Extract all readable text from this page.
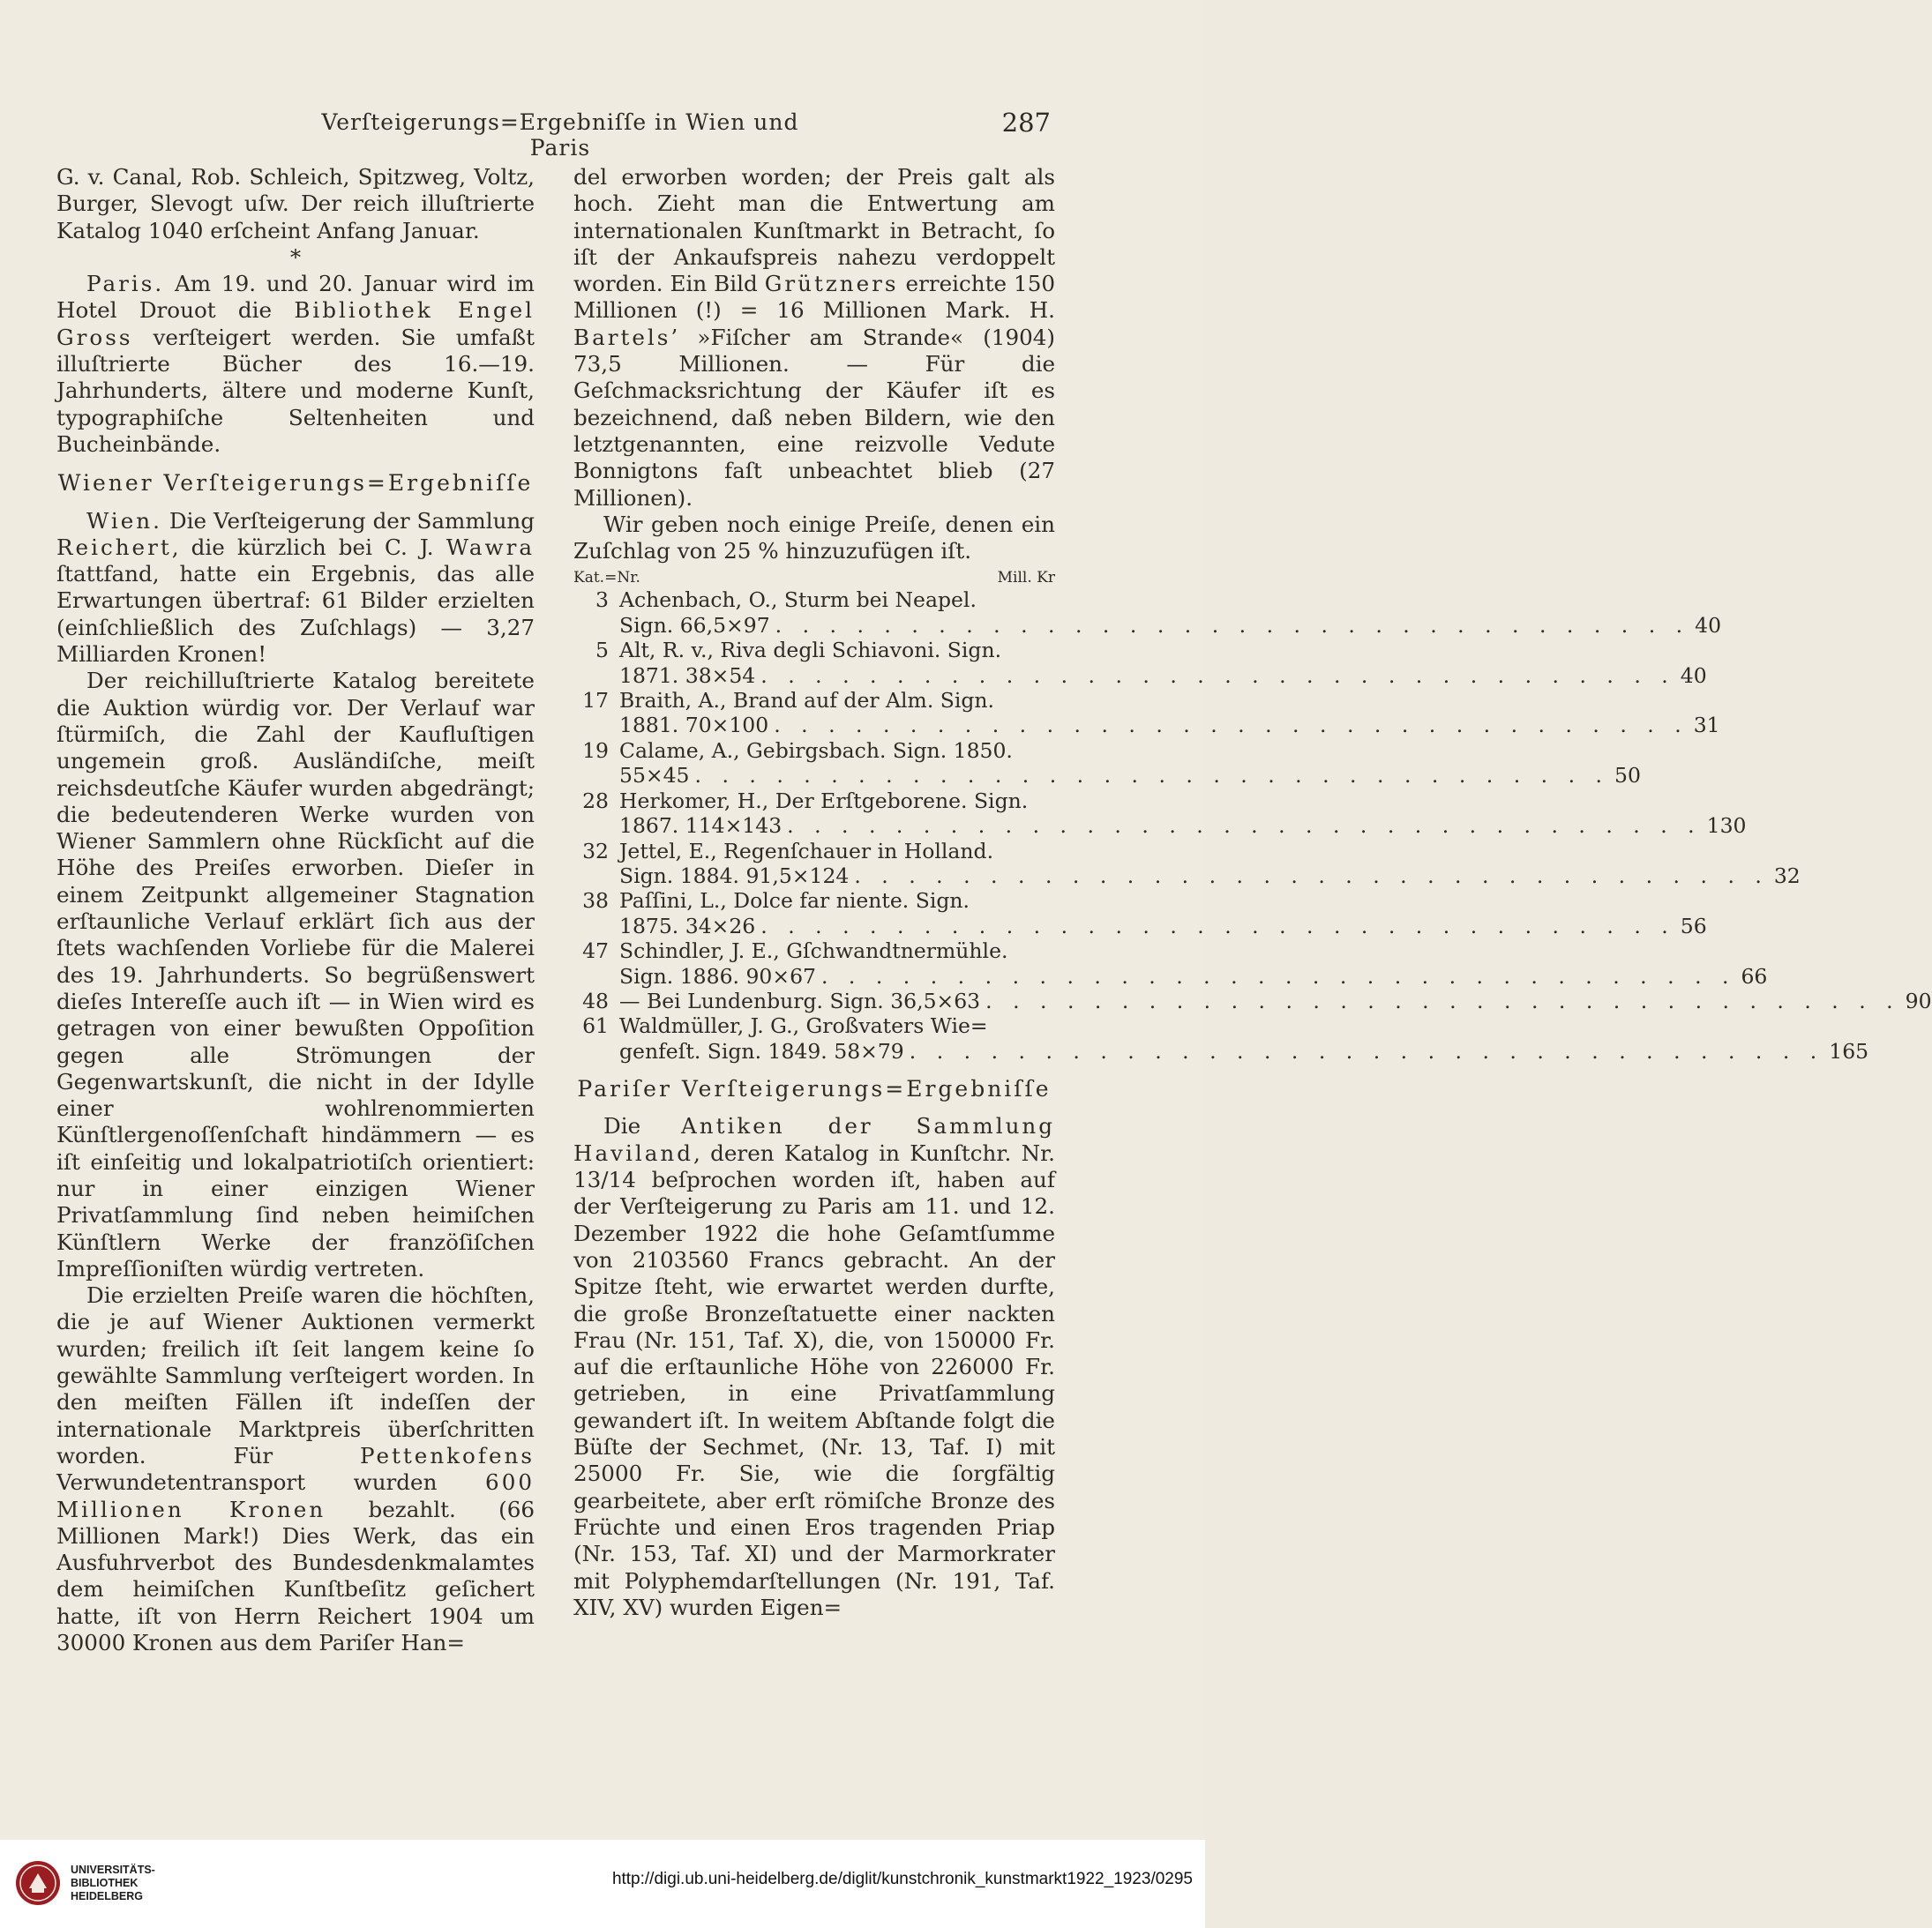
Verſteigerungs=Ergebniſſe in Wien und Paris
287

G. v. Canal, Rob. Schleich, Spitzweg, Voltz, Burger, Slevogt uſw. Der reich illuſtrierte Katalog 1040 erſcheint Anfang Januar.

*

Paris. Am 19. und 20. Januar wird im Hotel Drouot die Bibliothek Engel Gross verſteigert werden. Sie umfaßt illuſtrierte Bücher des 16.—19. Jahrhunderts, ältere und moderne Kunſt, typographiſche Seltenheiten und Bucheinbände.

Wiener Verſteigerungs=Ergebniſſe

Wien. Die Verſteigerung der Sammlung Reichert, die kürzlich bei C. J. Wawra ſtattfand, hatte ein Ergebnis, das alle Erwartungen übertraf: 61 Bilder erzielten (einſchließlich des Zuſchlags) — 3,27 Milliarden Kronen!

Der reichilluſtrierte Katalog bereitete die Auktion würdig vor. Der Verlauf war ſtürmiſch, die Zahl der Kaufluſtigen ungemein groß. Ausländiſche, meiſt reichsdeutſche Käufer wurden abgedrängt; die bedeutenderen Werke wurden von Wiener Sammlern ohne Rückſicht auf die Höhe des Preiſes erworben. Dieſer in einem Zeitpunkt allgemeiner Stagnation erſtaunliche Verlauf erklärt ſich aus der ſtets wachſenden Vorliebe für die Malerei des 19. Jahrhunderts. So begrüßenswert dieſes Intereſſe auch iſt — in Wien wird es getragen von einer bewußten Oppoſition gegen alle Strömungen der Gegenwartskunſt, die nicht in der Idylle einer wohlrenommierten Künſtlergenoſſenſchaft hindämmern — es iſt einſeitig und lokalpatriotiſch orientiert: nur in einer einzigen Wiener Privatſammlung ſind neben heimiſchen Künſtlern Werke der franzöſiſchen Impreſſioniſten würdig vertreten.

Die erzielten Preiſe waren die höchſten, die je auf Wiener Auktionen vermerkt wurden; freilich iſt ſeit langem keine ſo gewählte Sammlung verſteigert worden. In den meiſten Fällen iſt indeſſen der internationale Marktpreis überſchritten worden. Für Pettenkofens Verwundetentransport wurden 600 Millionen Kronen bezahlt. (66 Millionen Mark!) Dies Werk, das ein Ausfuhrverbot des Bundesdenkmalamtes dem heimiſchen Kunſtbeſitz geſichert hatte, iſt von Herrn Reichert 1904 um 30000 Kronen aus dem Pariſer Han=

del erworben worden; der Preis galt als hoch. Zieht man die Entwertung am internationalen Kunſtmarkt in Betracht, ſo iſt der Ankaufspreis nahezu verdoppelt worden. Ein Bild Grützners erreichte 150 Millionen (!) = 16 Millionen Mark. H. Bartels’ »Fiſcher am Strande« (1904) 73,5 Millionen. — Für die Geſchmacksrichtung der Käufer iſt es bezeichnend, daß neben Bildern, wie den letztgenannten, eine reizvolle Vedute Bonnigtons faſt unbeachtet blieb (27 Millionen).

Wir geben noch einige Preiſe, denen ein Zuſchlag von 25 % hinzuzufügen iſt.

Kat.=Nr.	Mill. Kr
3 Achenbach, O., Sturm bei Neapel.
Sign. 66,5×97 . . .	40
5 Alt, R. v., Riva degli Schiavoni. Sign.
1871. 38×54 . . .	40
17 Braith, A., Brand auf der Alm. Sign.
1881. 70×100 . . .	31
19 Calame, A., Gebirgsbach. Sign. 1850.
55×45 . . .	50
28 Herkomer, H., Der Erſtgeborene. Sign.
1867. 114×143 . . .	130
32 Jettel, E., Regenſchauer in Holland.
Sign. 1884. 91,5×124 . . .	32
38 Paſſini, L., Dolce far niente. Sign.
1875. 34×26 . . .	56
47 Schindler, J. E., Gſchwandtnermühle.
Sign. 1886. 90×67 . . .	66
48 — Bei Lundenburg. Sign. 36,5×63 . . .	90
61 Waldmüller, J. G., Großvaters Wie=
genfeſt. Sign. 1849. 58×79 . . .	165
Pariſer Verſteigerungs=Ergebniſſe

Die Antiken der Sammlung Haviland, deren Katalog in Kunſtchr. Nr. 13/14 beſprochen worden iſt, haben auf der Verſteigerung zu Paris am 11. und 12. Dezember 1922 die hohe Geſamtſumme von 2103560 Francs gebracht. An der Spitze ſteht, wie erwartet werden durfte, die große Bronzeſtatuette einer nackten Frau (Nr. 151, Taf. X), die, von 150000 Fr. auf die erſtaunliche Höhe von 226000 Fr. getrieben, in eine Privatſammlung gewandert iſt. In weitem Abſtande folgt die Büſte der Sechmet, (Nr. 13, Taf. I) mit 25000 Fr. Sie, wie die ſorgfältig gearbeitete, aber erſt römiſche Bronze des Früchte und einen Eros tragenden Priap (Nr. 153, Taf. XI) und der Marmorkrater mit Polyphemdarſtellungen (Nr. 191, Taf. XIV, XV) wurden Eigen=

UNIVERSITÄTS-
BIBLIOTHEK
HEIDELBERG
http://digi.ub.uni-heidelberg.de/diglit/kunstchronik_kunstmarkt1922_1923/0295
